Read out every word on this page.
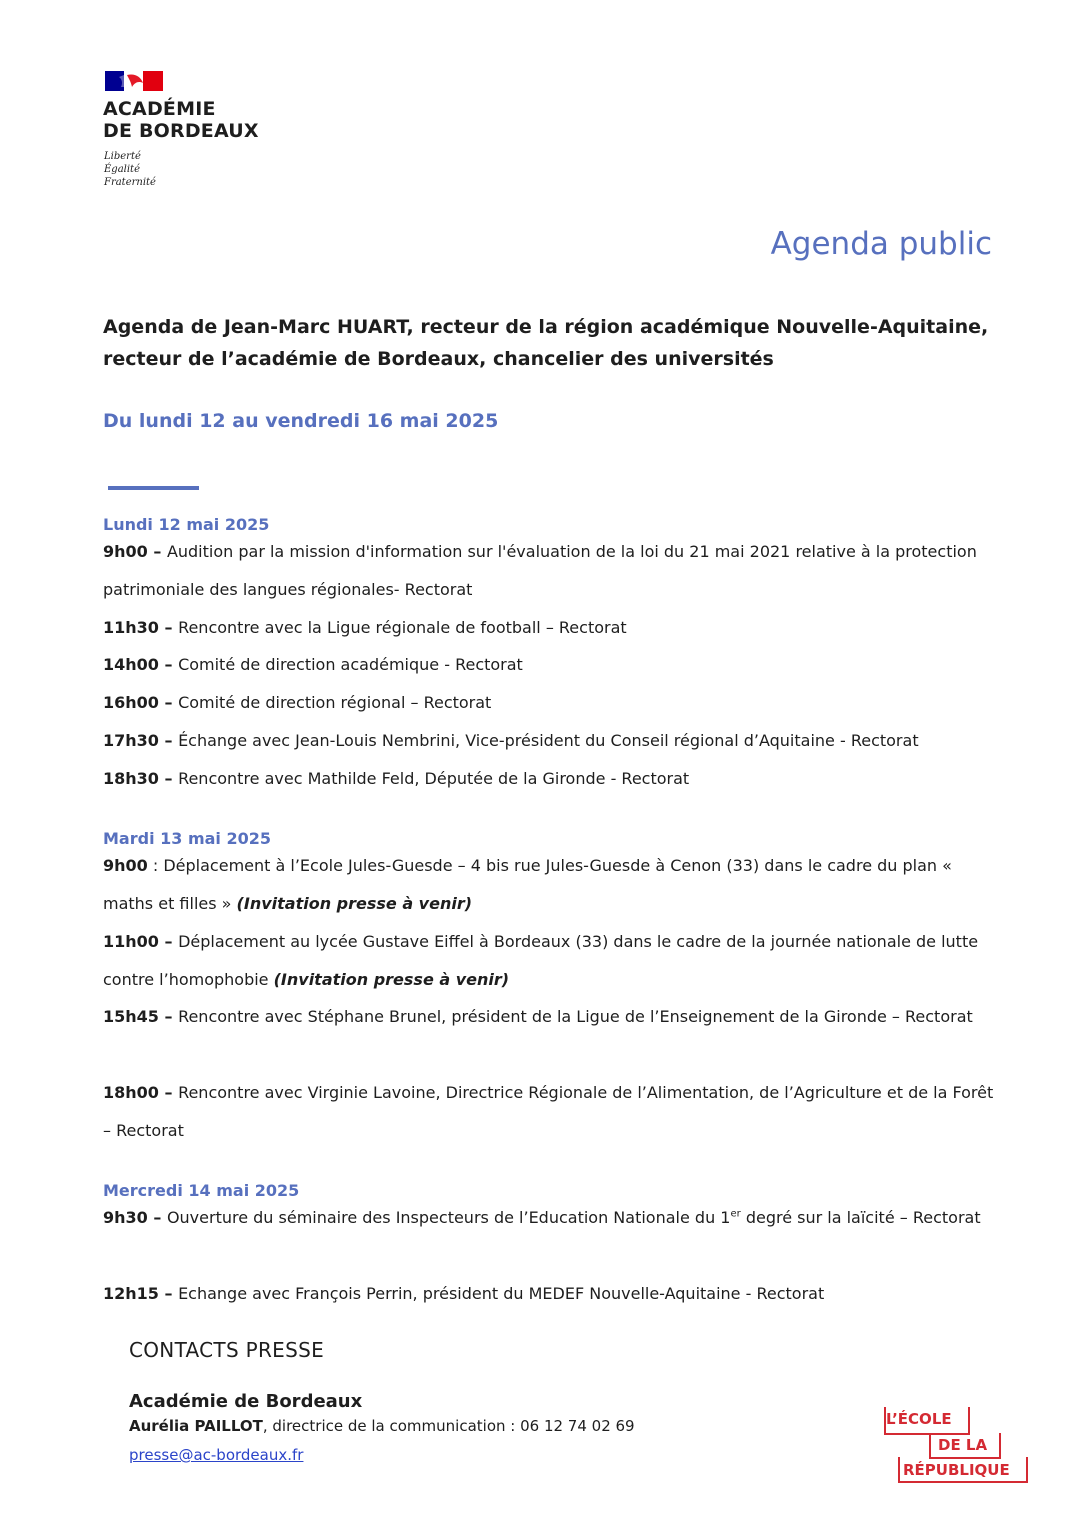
ACADÉMIE
DE BORDEAUX
Liberté
Égalité
Fraternité
Agenda public
Agenda de Jean-Marc HUART, recteur de la région académique Nouvelle-Aquitaine, recteur de l’académie de Bordeaux, chancelier des universités
Du lundi 12 au vendredi 16 mai 2025
Lundi 12 mai 2025

9h00 – Audition par la mission d'information sur l'évaluation de la loi du 21 mai 2021 relative à la protection patrimoniale des langues régionales- Rectorat

11h30 – Rencontre avec la Ligue régionale de football – Rectorat

14h00 – Comité de direction académique - Rectorat

16h00 – Comité de direction régional – Rectorat

17h30 – Échange avec Jean-Louis Nembrini, Vice-président du Conseil régional d’Aquitaine - Rectorat

18h30 – Rencontre avec Mathilde Feld, Députée de la Gironde - Rectorat

Mardi 13 mai 2025

9h00 : Déplacement à l’Ecole Jules-Guesde – 4 bis rue Jules-Guesde à Cenon (33) dans le cadre du plan « maths et filles » (Invitation presse à venir)

11h00 – Déplacement au lycée Gustave Eiffel à Bordeaux (33) dans le cadre de la journée nationale de lutte contre l’homophobie (Invitation presse à venir)

15h45 – Rencontre avec Stéphane Brunel, président de la Ligue de l’Enseignement de la Gironde – Rectorat

18h00 – Rencontre avec Virginie Lavoine, Directrice Régionale de l’Alimentation, de l’Agriculture et de la Forêt – Rectorat

Mercredi 14 mai 2025

9h30 – Ouverture du séminaire des Inspecteurs de l’Education Nationale du 1er degré sur la laïcité – Rectorat

12h15 – Echange avec François Perrin, président du MEDEF Nouvelle-Aquitaine - Rectorat

CONTACTS PRESSE
Académie de Bordeaux
Aurélia PAILLOT, directrice de la communication : 06 12 74 02 69
presse@ac-bordeaux.fr
L’ÉCOLE
DE LA
RÉPUBLIQUE
